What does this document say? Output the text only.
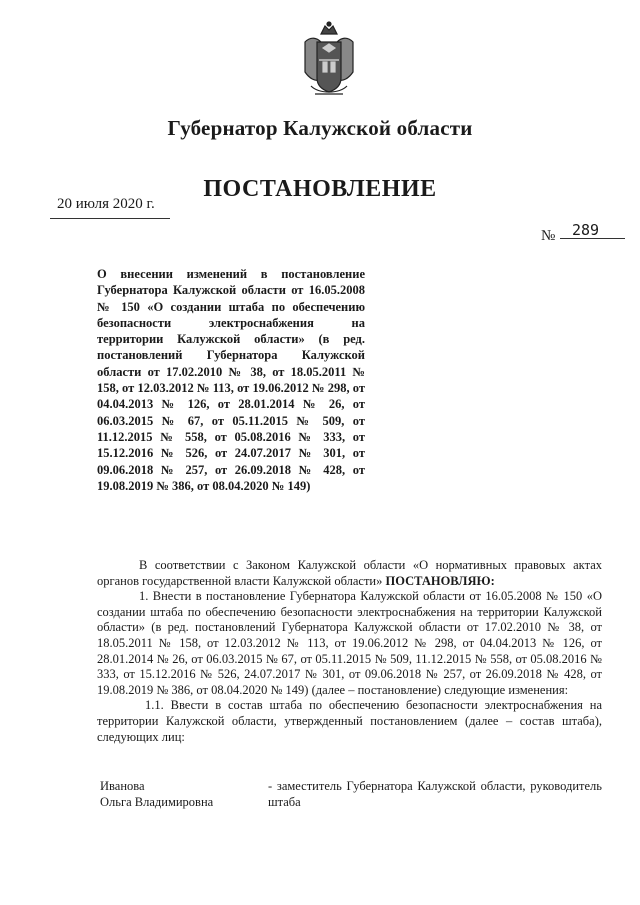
Губернатор Калужской области
ПОСТАНОВЛЕНИЕ
20 июля 2020 г.
№ 289
О внесении изменений в постановление Губернатора Калужской области от 16.05.2008 № 150 «О создании штаба по обеспечению безопасности электроснабжения на территории Калужской области» (в ред. постановлений Губернатора Калужской области от 17.02.2010 № 38, от 18.05.2011 № 158, от 12.03.2012 № 113, от 19.06.2012 № 298, от 04.04.2013 № 126, от 28.01.2014 № 26, от 06.03.2015 № 67, от 05.11.2015 № 509, от 11.12.2015 № 558, от 05.08.2016 № 333, от 15.12.2016 № 526, от 24.07.2017 № 301, от 09.06.2018 № 257, от 26.09.2018 № 428, от 19.08.2019 № 386, от 08.04.2020 № 149)

В соответствии с Законом Калужской области «О нормативных правовых актах органов государственной власти Калужской области» ПОСТАНОВЛЯЮ:

1. Внести в постановление Губернатора Калужской области от 16.05.2008 № 150 «О создании штаба по обеспечению безопасности электроснабжения на территории Калужской области» (в ред. постановлений Губернатора Калужской области от 17.02.2010 № 38, от 18.05.2011 № 158, от 12.03.2012 № 113, от 19.06.2012 № 298, от 04.04.2013 № 126, от 28.01.2014 № 26, от 06.03.2015 № 67, от 05.11.2015 № 509, 11.12.2015 № 558, от 05.08.2016 № 333, от 15.12.2016 № 526, 24.07.2017 № 301, от 09.06.2018 № 257, от 26.09.2018 № 428, от 19.08.2019 № 386, от 08.04.2020 № 149) (далее – постановление) следующие изменения:

1.1. Ввести в состав штаба по обеспечению безопасности электроснабжения на территории Калужской области, утвержденный постановлением (далее – состав штаба), следующих лиц:

Иванова
Ольга Владимировна
- заместитель Губернатора Калужской области, руководитель штаба
